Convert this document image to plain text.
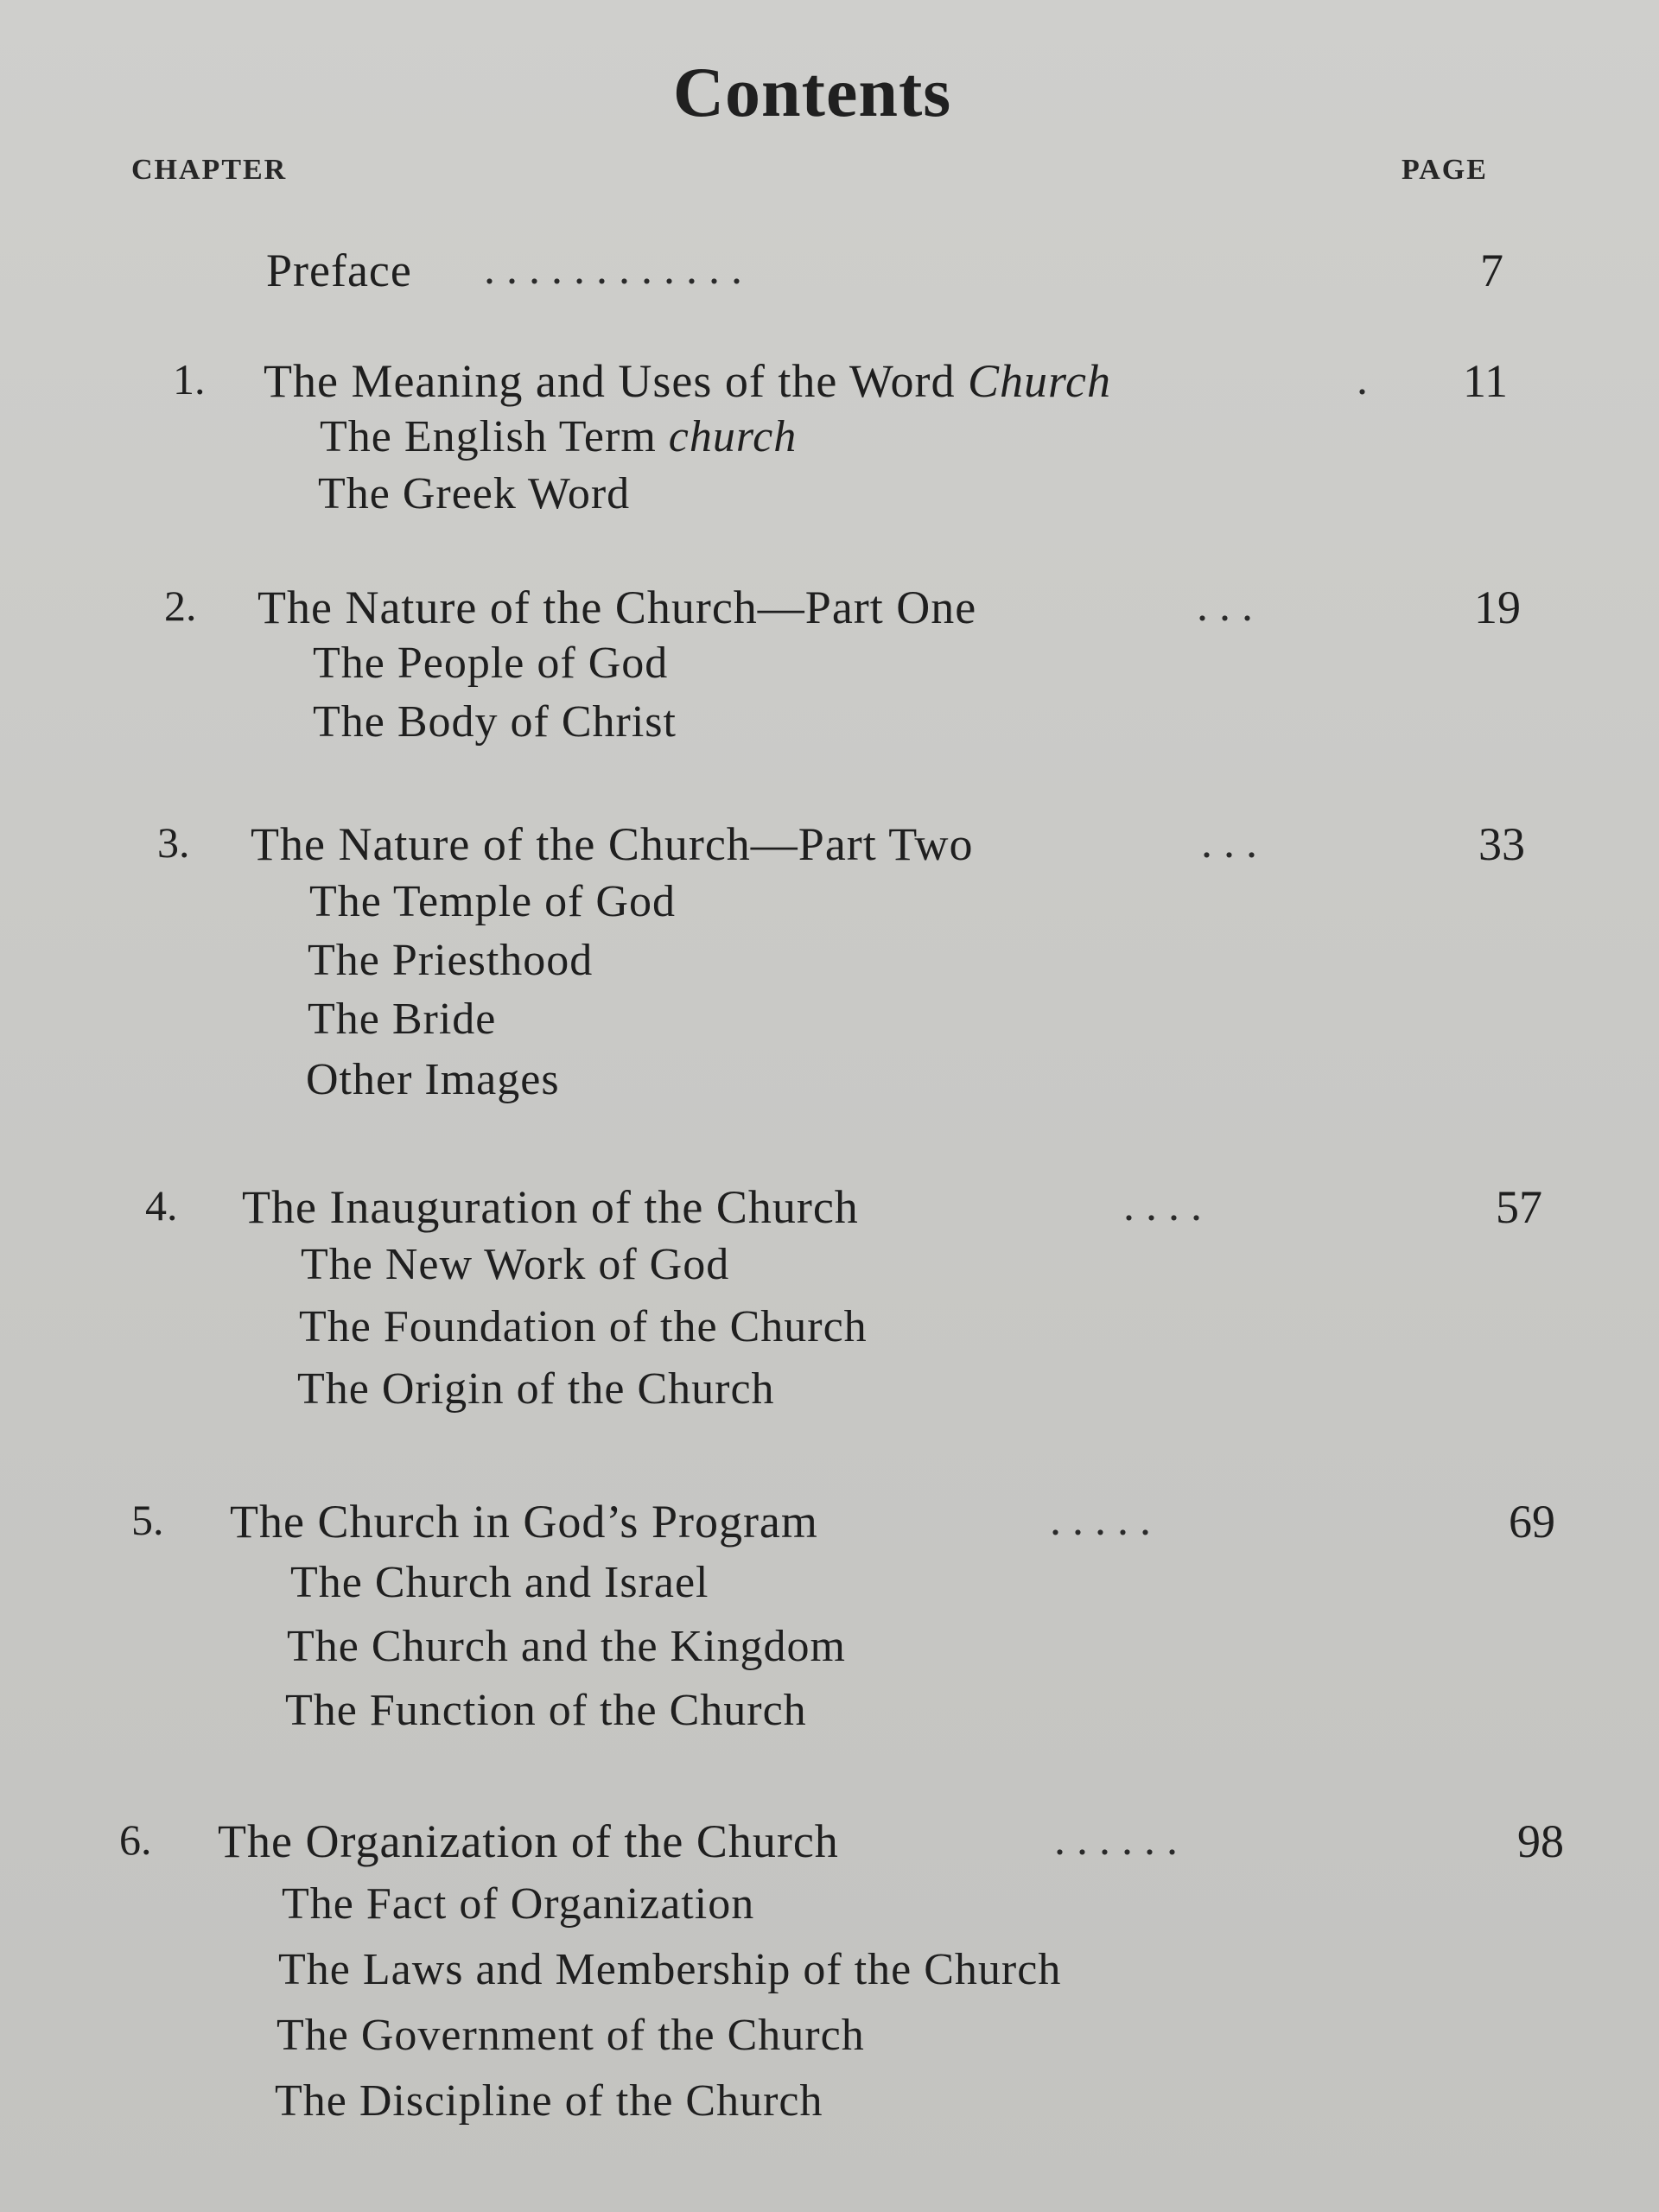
Contents
CHAPTER	PAGE
Preface . . . . . . . . . . . .	7
1. The Meaning and Uses of the Word Church	.	11
The English Term church
The Greek Word
2. The Nature of the Church—Part One	. . .	19
The People of God
The Body of Christ
3. The Nature of the Church—Part Two	. . .	33
The Temple of God
The Priesthood
The Bride
Other Images
4. The Inauguration of the Church	. . . .	57
The New Work of God
The Foundation of the Church
The Origin of the Church
5. The Church in God’s Program	. . . . .	69
The Church and Israel
The Church and the Kingdom
The Function of the Church
6. The Organization of the Church	. . . . . .	98
The Fact of Organization
The Laws and Membership of the Church
The Government of the Church
The Discipline of the Church
